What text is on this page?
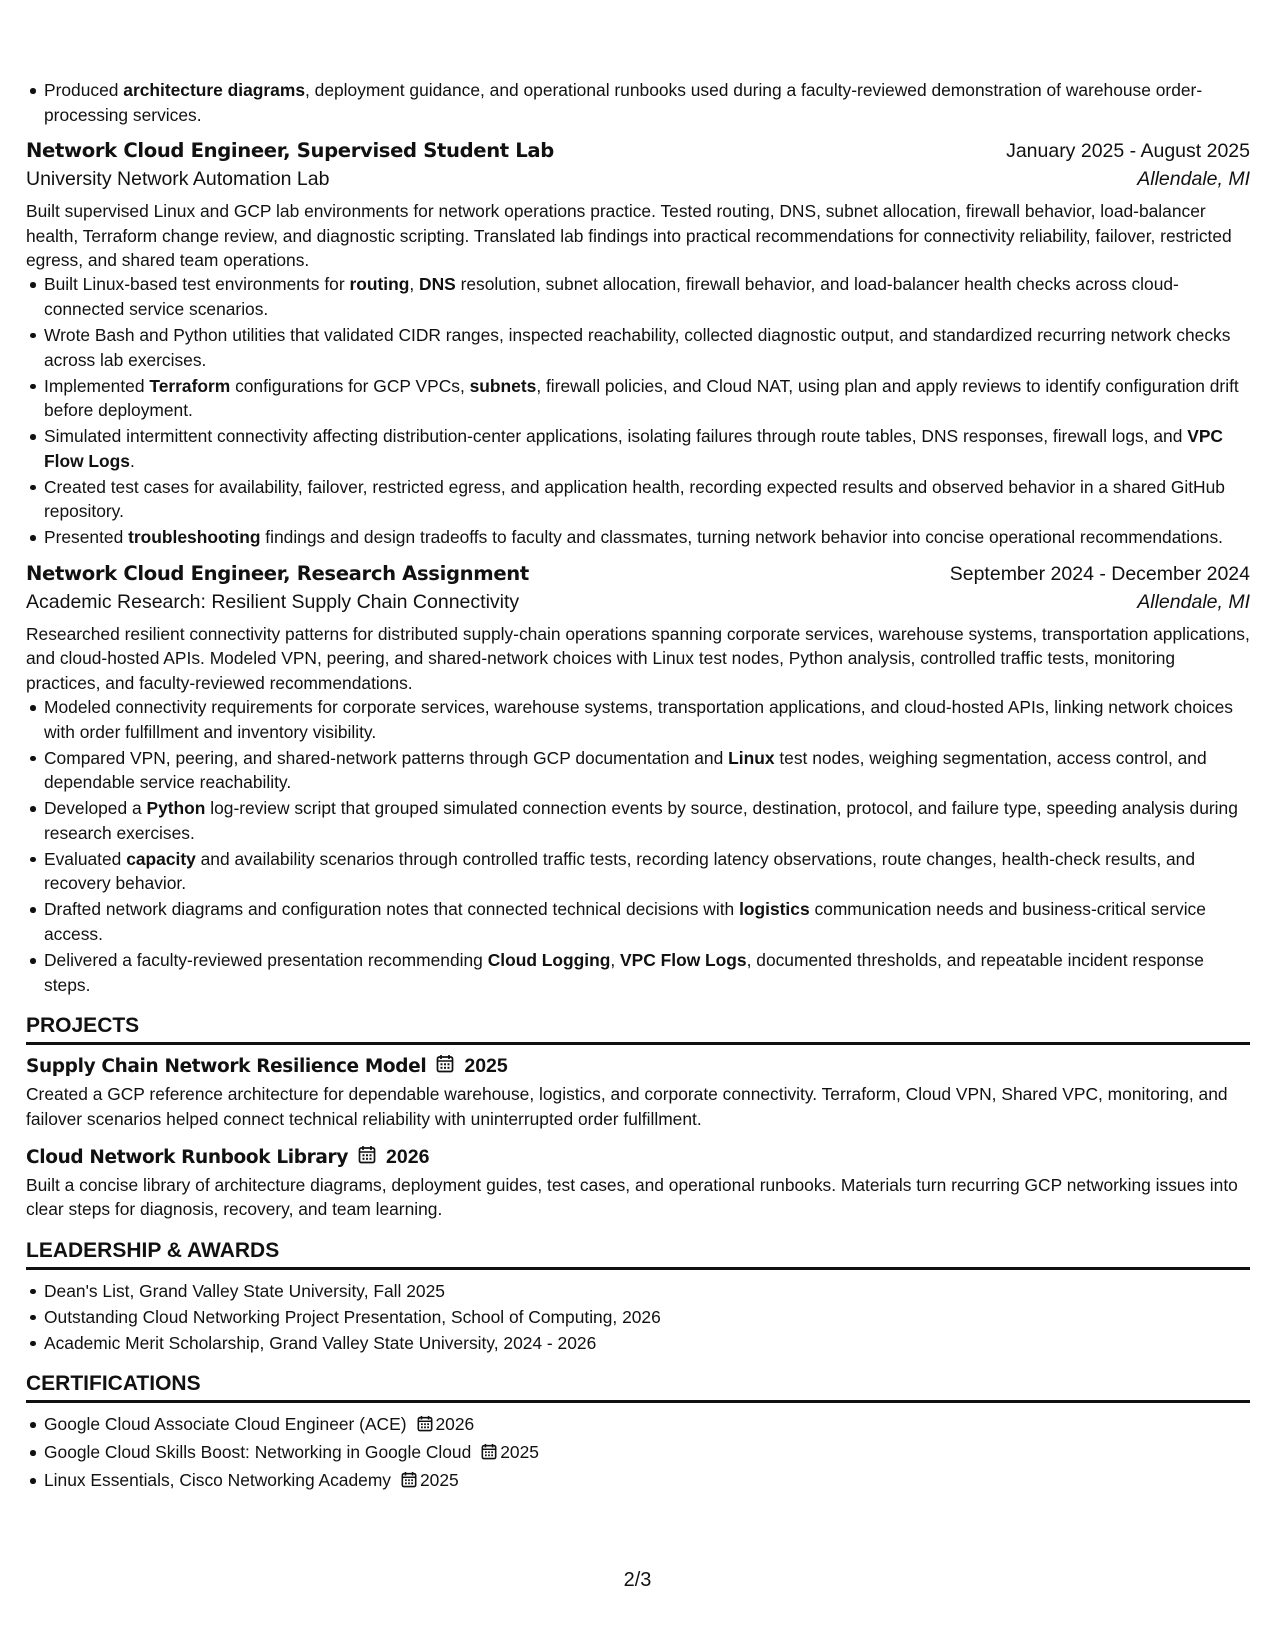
Produced architecture diagrams, deployment guidance, and operational runbooks used during a faculty-reviewed demonstration of warehouse order-processing services.
Network Cloud Engineer, Supervised Student Lab	January 2025 - August 2025
University Network Automation Lab	Allendale, MI
Built supervised Linux and GCP lab environments for network operations practice. Tested routing, DNS, subnet allocation, firewall behavior, load-balancer health, Terraform change review, and diagnostic scripting. Translated lab findings into practical recommendations for connectivity reliability, failover, restricted egress, and shared team operations.
Built Linux-based test environments for routing, DNS resolution, subnet allocation, firewall behavior, and load-balancer health checks across cloud-connected service scenarios.
Wrote Bash and Python utilities that validated CIDR ranges, inspected reachability, collected diagnostic output, and standardized recurring network checks across lab exercises.
Implemented Terraform configurations for GCP VPCs, subnets, firewall policies, and Cloud NAT, using plan and apply reviews to identify configuration drift before deployment.
Simulated intermittent connectivity affecting distribution-center applications, isolating failures through route tables, DNS responses, firewall logs, and VPC Flow Logs.
Created test cases for availability, failover, restricted egress, and application health, recording expected results and observed behavior in a shared GitHub repository.
Presented troubleshooting findings and design tradeoffs to faculty and classmates, turning network behavior into concise operational recommendations.
Network Cloud Engineer, Research Assignment	September 2024 - December 2024
Academic Research: Resilient Supply Chain Connectivity	Allendale, MI
Researched resilient connectivity patterns for distributed supply-chain operations spanning corporate services, warehouse systems, transportation applications, and cloud-hosted APIs. Modeled VPN, peering, and shared-network choices with Linux test nodes, Python analysis, controlled traffic tests, monitoring practices, and faculty-reviewed recommendations.
Modeled connectivity requirements for corporate services, warehouse systems, transportation applications, and cloud-hosted APIs, linking network choices with order fulfillment and inventory visibility.
Compared VPN, peering, and shared-network patterns through GCP documentation and Linux test nodes, weighing segmentation, access control, and dependable service reachability.
Developed a Python log-review script that grouped simulated connection events by source, destination, protocol, and failure type, speeding analysis during research exercises.
Evaluated capacity and availability scenarios through controlled traffic tests, recording latency observations, route changes, health-check results, and recovery behavior.
Drafted network diagrams and configuration notes that connected technical decisions with logistics communication needs and business-critical service access.
Delivered a faculty-reviewed presentation recommending Cloud Logging, VPC Flow Logs, documented thresholds, and repeatable incident response steps.
PROJECTS
Supply Chain Network Resilience Model 2025
Created a GCP reference architecture for dependable warehouse, logistics, and corporate connectivity. Terraform, Cloud VPN, Shared VPC, monitoring, and failover scenarios helped connect technical reliability with uninterrupted order fulfillment.
Cloud Network Runbook Library 2026
Built a concise library of architecture diagrams, deployment guides, test cases, and operational runbooks. Materials turn recurring GCP networking issues into clear steps for diagnosis, recovery, and team learning.
LEADERSHIP & AWARDS
Dean's List, Grand Valley State University, Fall 2025
Outstanding Cloud Networking Project Presentation, School of Computing, 2026
Academic Merit Scholarship, Grand Valley State University, 2024 - 2026
CERTIFICATIONS
Google Cloud Associate Cloud Engineer (ACE) 2026
Google Cloud Skills Boost: Networking in Google Cloud 2025
Linux Essentials, Cisco Networking Academy 2025
2/3
